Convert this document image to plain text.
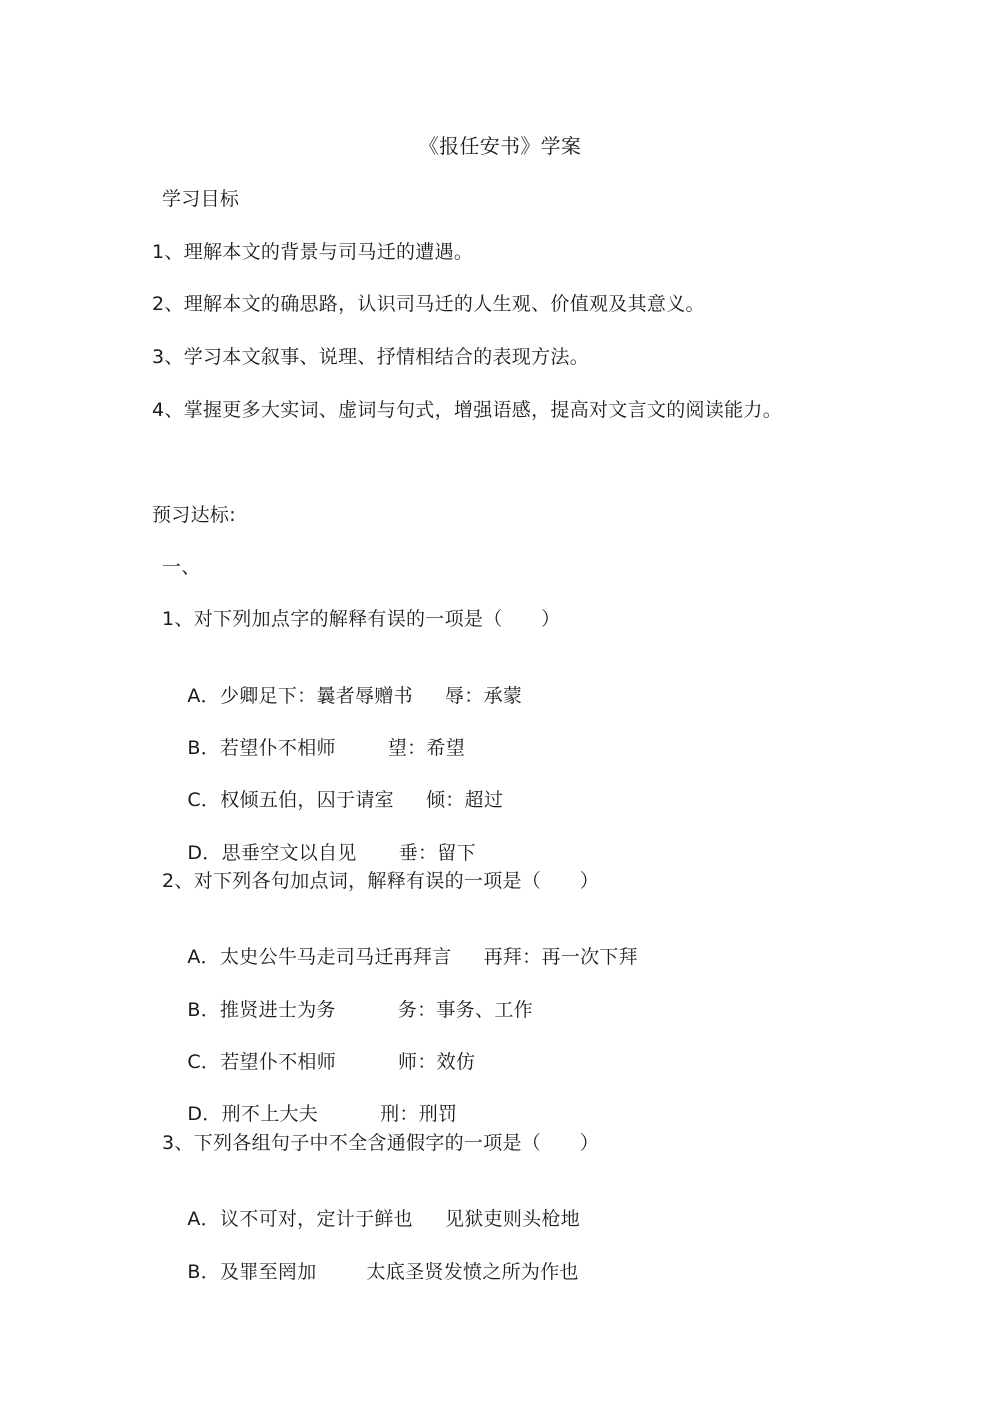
《报任安书》学案
学习目标
1、理解本文的背景与司马迁的遭遇。
2、理解本文的确思路，认识司马迁的人生观、价值观及其意义。
3、学习本文叙事、说理、抒情相结合的表现方法。
4、掌握更多大实词、虚词与句式，增强语感，提高对文言文的阅读能力。
预习达标:
一、
1、对下列加点字的解释有误的一项是（　　）

A．少卿足下：曩者辱赠书 辱：承蒙

B．若望仆不相师	望：希望

C．权倾五伯，囚于请室 倾：超过

D．思垂空文以自见 垂：留下

2、对下列各句加点词，解释有误的一项是（　　）

A．太史公牛马走司马迁再拜言 再拜：再一次下拜

B．推贤进士为务	务：事务、工作

C．若望仆不相师	师：效仿

D．刑不上大夫	刑：刑罚

3、下列各组句子中不全含通假字的一项是（　　）

A．议不可对，定计于鲜也 见狱吏则头枪地

B．及罪至罔加	太底圣贤发愤之所为作也
